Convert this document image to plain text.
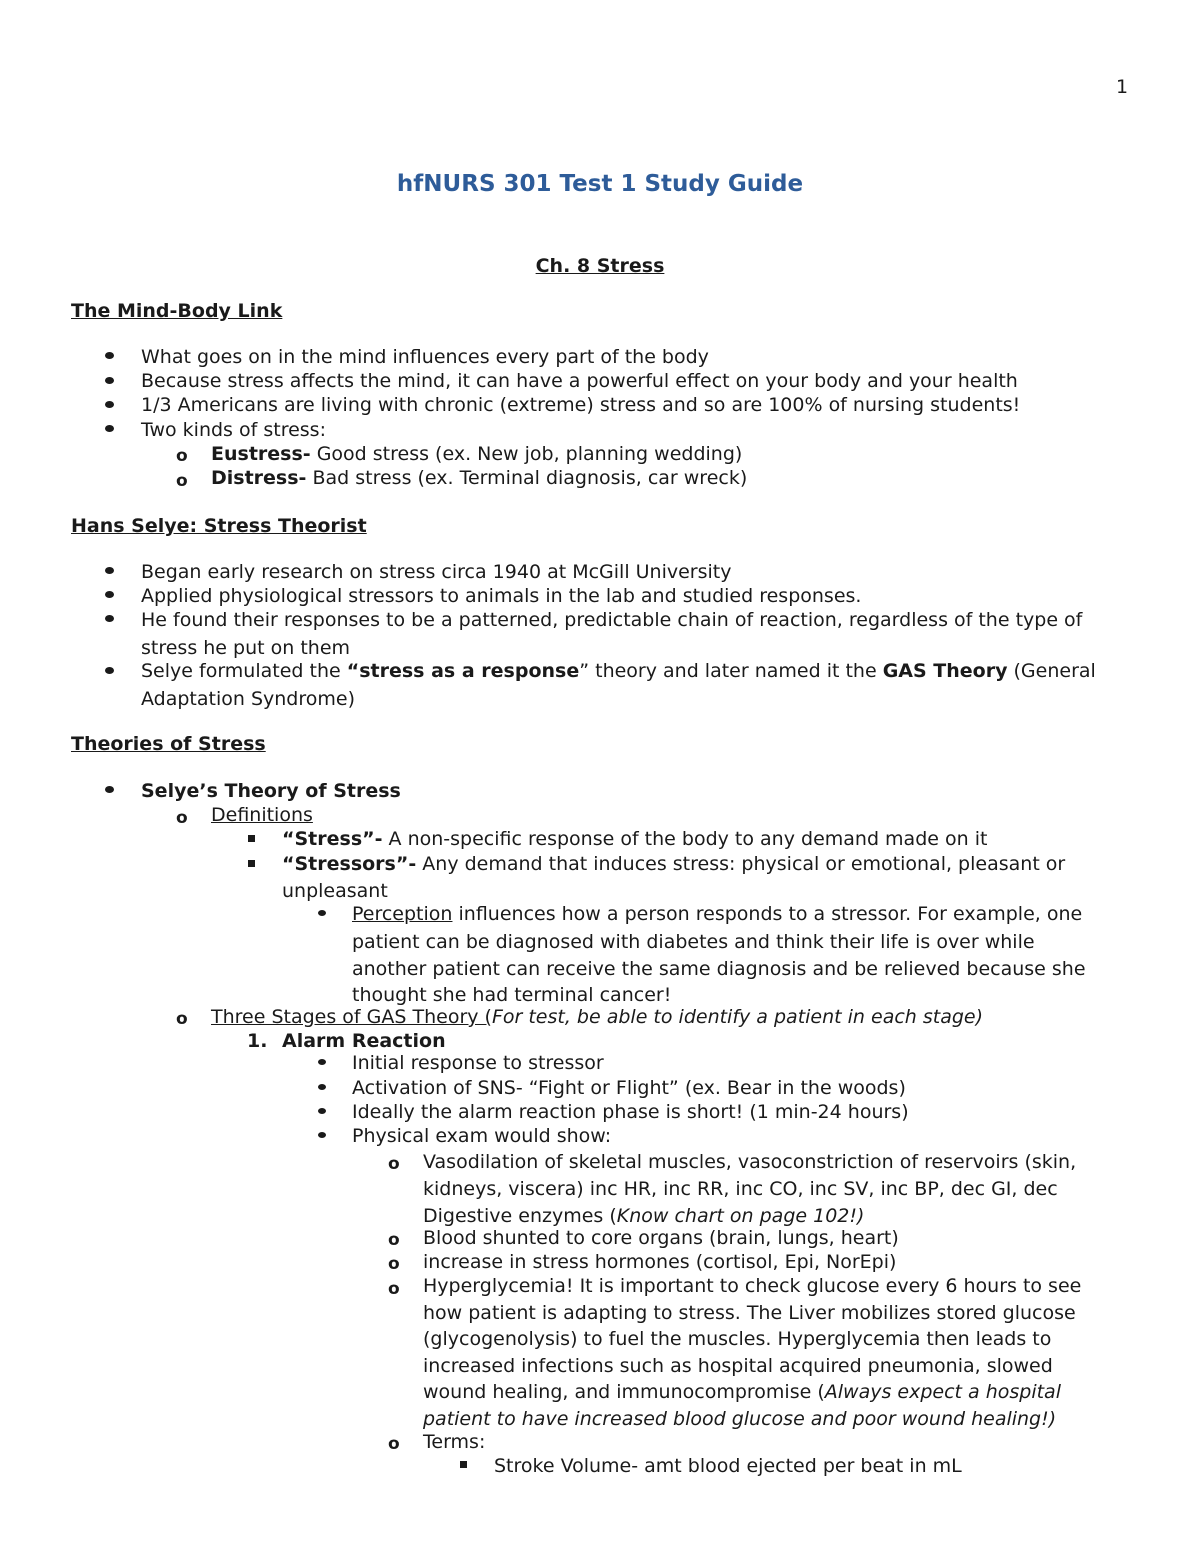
1
hfNURS 301 Test 1 Study Guide
Ch. 8 Stress
The Mind-Body Link
What goes on in the mind influences every part of the body
Because stress affects the mind, it can have a powerful effect on your body and your health
1/3 Americans are living with chronic (extreme) stress and so are 100% of nursing students!
Two kinds of stress:
o Eustress- Good stress (ex. New job, planning wedding)
o Distress- Bad stress (ex. Terminal diagnosis, car wreck)
Hans Selye: Stress Theorist
Began early research on stress circa 1940 at McGill University
Applied physiological stressors to animals in the lab and studied responses.
He found their responses to be a patterned, predictable chain of reaction, regardless of the type of
stress he put on them
Selye formulated the “stress as a response” theory and later named it the GAS Theory (General
Adaptation Syndrome)
Theories of Stress
Selye’s Theory of Stress
o Definitions
“Stress”- A non-specific response of the body to any demand made on it
“Stressors”- Any demand that induces stress: physical or emotional, pleasant or
unpleasant
Perception influences how a person responds to a stressor. For example, one
patient can be diagnosed with diabetes and think their life is over while
another patient can receive the same diagnosis and be relieved because she
thought she had terminal cancer!
o Three Stages of GAS Theory (For test, be able to identify a patient in each stage)
1. Alarm Reaction
Initial response to stressor
Activation of SNS- “Fight or Flight” (ex. Bear in the woods)
Ideally the alarm reaction phase is short! (1 min-24 hours)
Physical exam would show:
o Vasodilation of skeletal muscles, vasoconstriction of reservoirs (skin,
kidneys, viscera) inc HR, inc RR, inc CO, inc SV, inc BP, dec GI, dec
Digestive enzymes (Know chart on page 102!)
o Blood shunted to core organs (brain, lungs, heart)
o increase in stress hormones (cortisol, Epi, NorEpi)
o Hyperglycemia! It is important to check glucose every 6 hours to see
how patient is adapting to stress. The Liver mobilizes stored glucose
(glycogenolysis) to fuel the muscles. Hyperglycemia then leads to
increased infections such as hospital acquired pneumonia, slowed
wound healing, and immunocompromise (Always expect a hospital
patient to have increased blood glucose and poor wound healing!)
o Terms:
Stroke Volume- amt blood ejected per beat in mL
